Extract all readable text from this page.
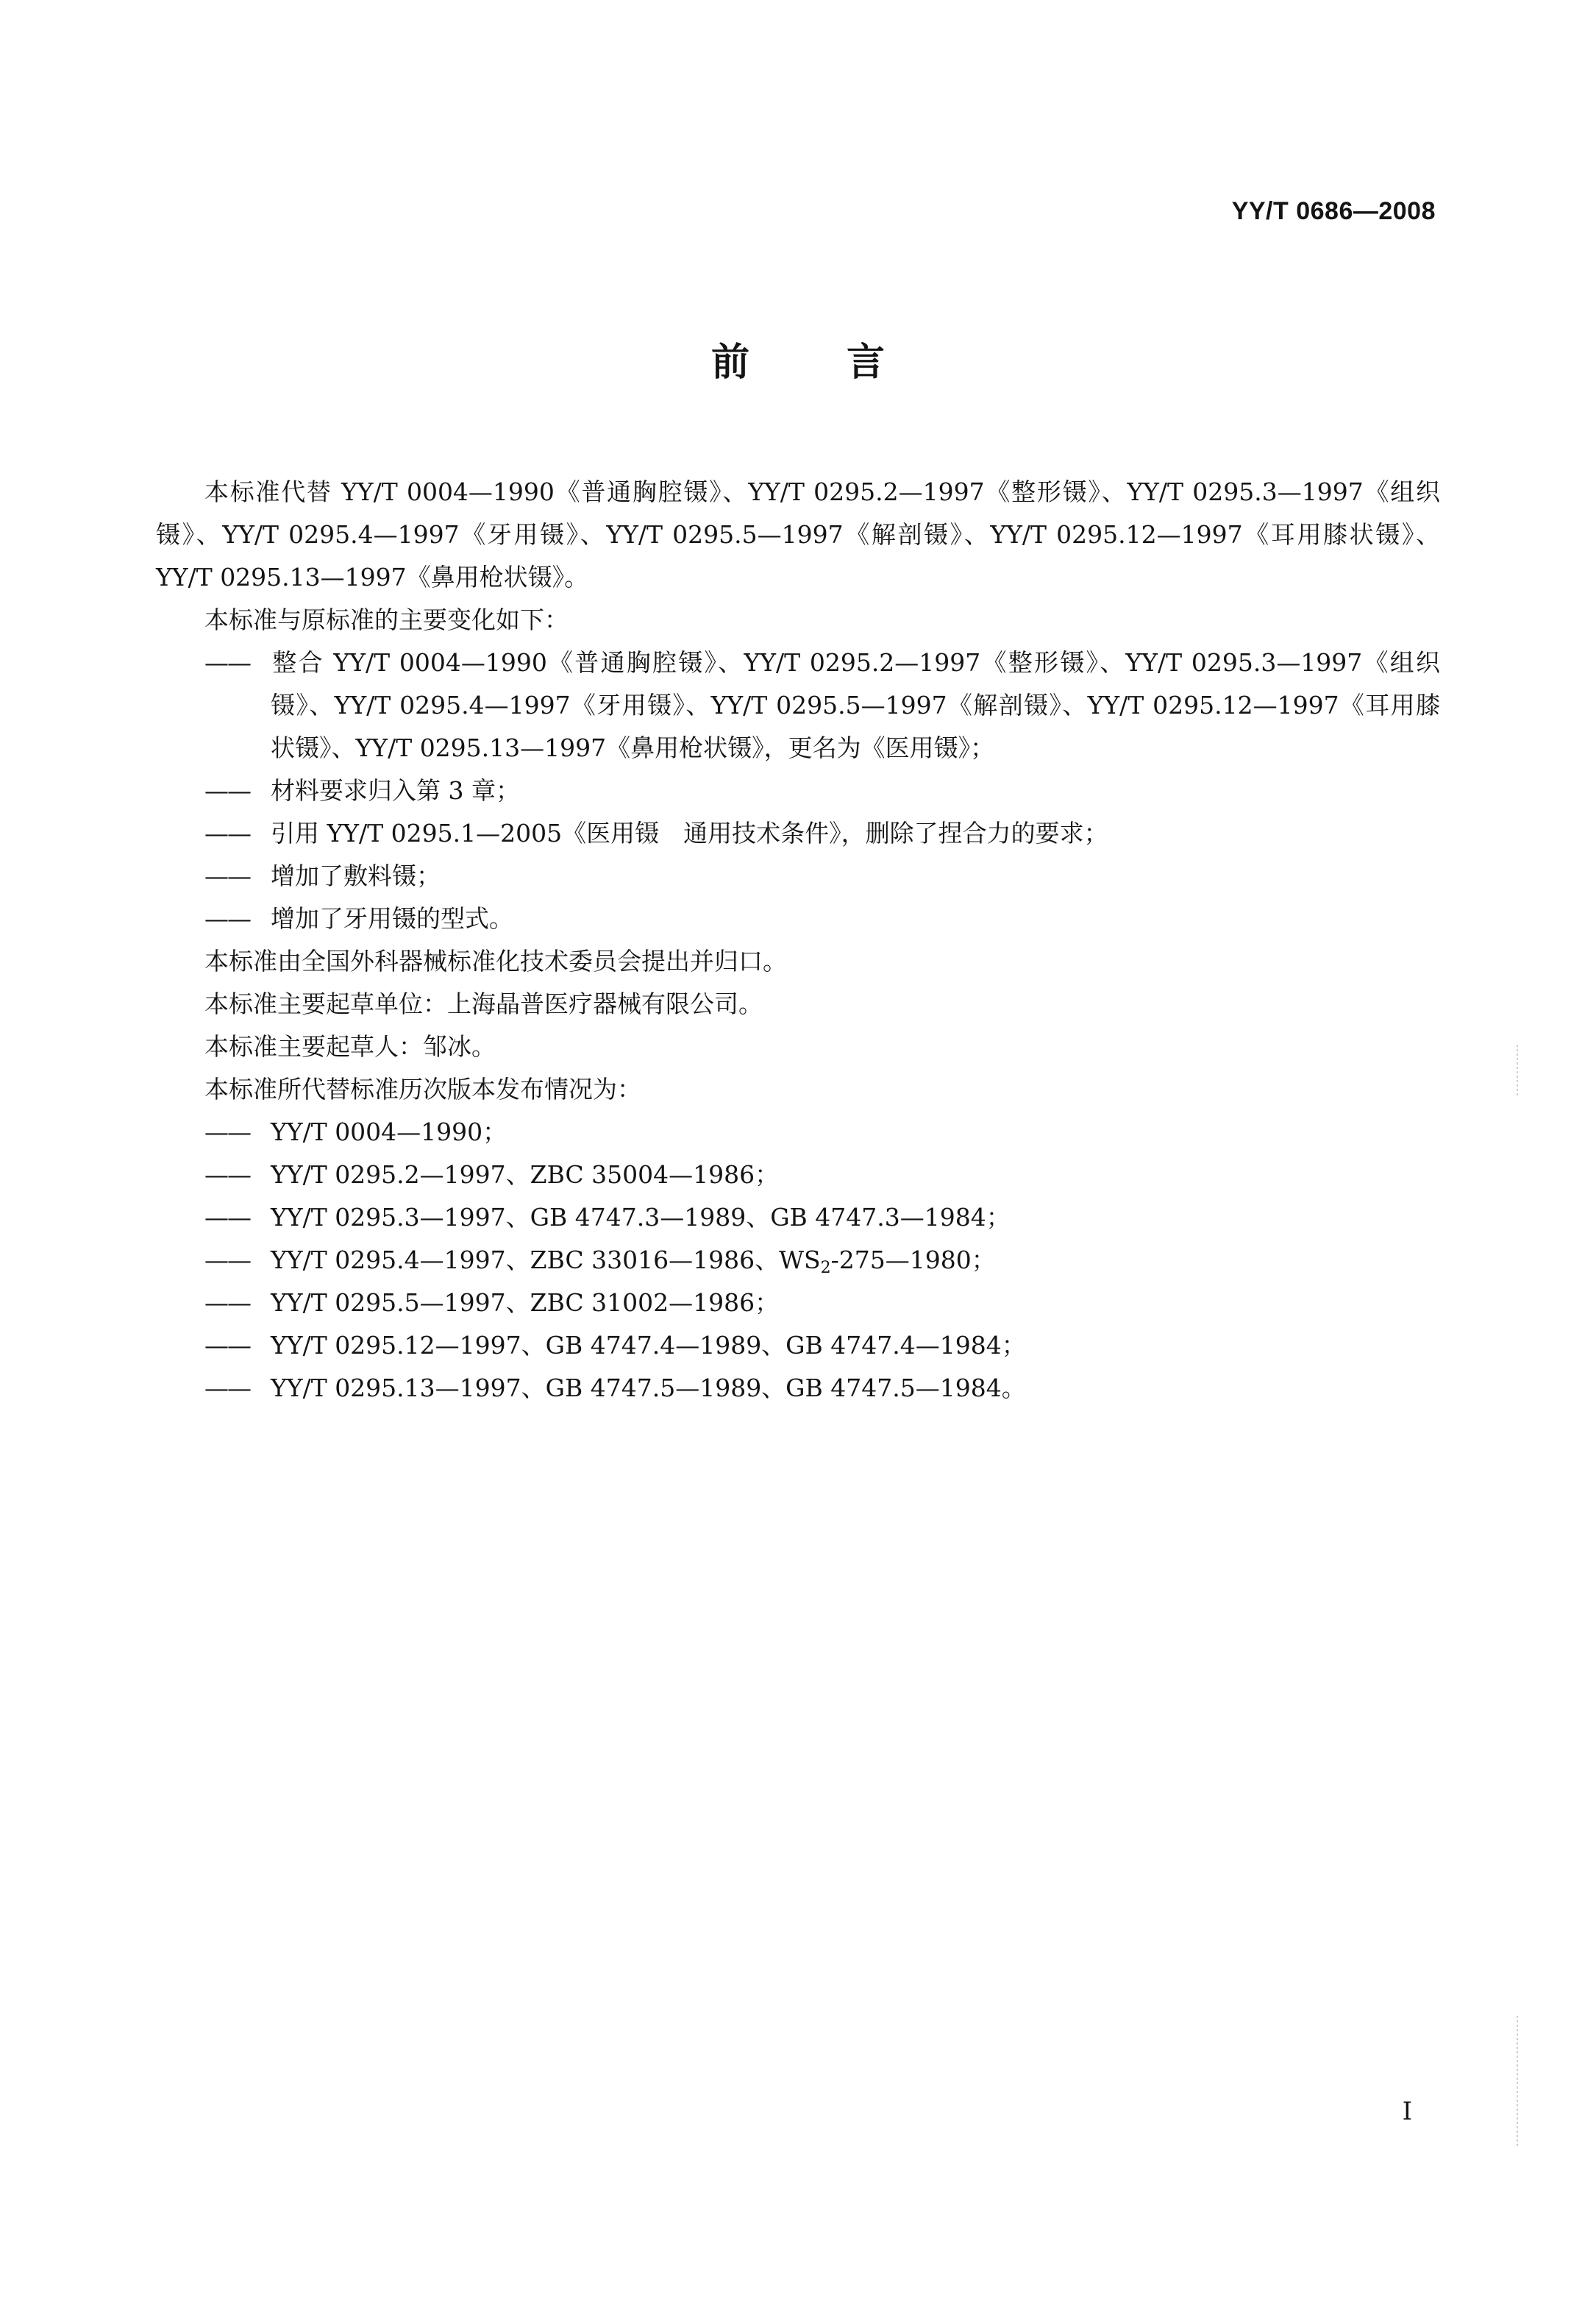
YY/T 0686—2008
前言

本标准代替 YY/T 0004—1990《普通胸腔镊》、YY/T 0295.2—1997《整形镊》、YY/T 0295.3—1997《组织镊》、YY/T 0295.4—1997《牙用镊》、YY/T 0295.5—1997《解剖镊》、YY/T 0295.12—1997《耳用膝状镊》、YY/T 0295.13—1997《鼻用枪状镊》。

本标准与原标准的主要变化如下：

—— 整合 YY/T 0004—1990《普通胸腔镊》、YY/T 0295.2—1997《整形镊》、YY/T 0295.3—1997《组织镊》、YY/T 0295.4—1997《牙用镊》、YY/T 0295.5—1997《解剖镊》、YY/T 0295.12—1997《耳用膝状镊》、YY/T 0295.13—1997《鼻用枪状镊》，更名为《医用镊》；

—— 材料要求归入第 3 章；

—— 引用 YY/T 0295.1—2005《医用镊　通用技术条件》，删除了捏合力的要求；

—— 增加了敷料镊；

—— 增加了牙用镊的型式。

本标准由全国外科器械标准化技术委员会提出并归口。

本标准主要起草单位：上海晶普医疗器械有限公司。

本标准主要起草人：邹冰。

本标准所代替标准历次版本发布情况为：

—— YY/T 0004—1990；

—— YY/T 0295.2—1997、ZBC 35004—1986；

—— YY/T 0295.3—1997、GB 4747.3—1989、GB 4747.3—1984；

—— YY/T 0295.4—1997、ZBC 33016—1986、$WS_2-275—1980$；

—— YY/T 0295.5—1997、ZBC 31002—1986；

—— YY/T 0295.12—1997、GB 4747.4—1989、GB 4747.4—1984；

—— YY/T 0295.13—1997、GB 4747.5—1989、GB 4747.5—1984。

I
